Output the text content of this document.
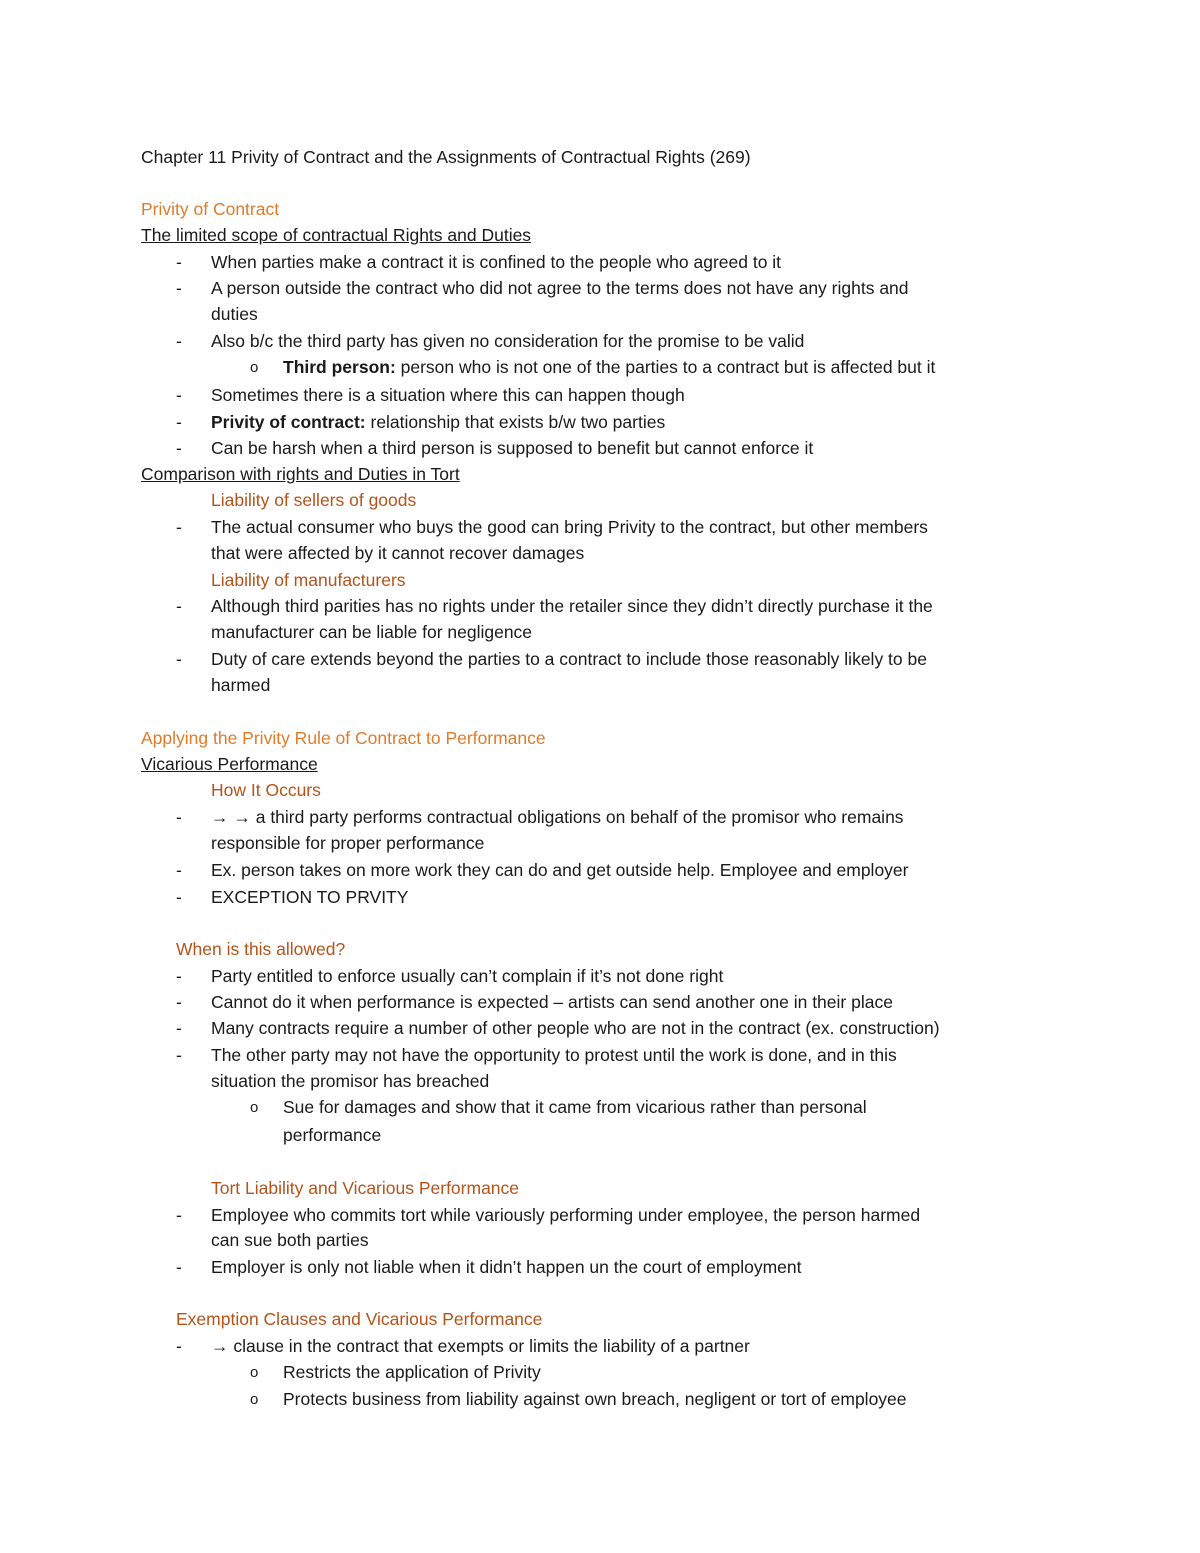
Chapter 11 Privity of Contract and the Assignments of Contractual Rights (269)
Privity of Contract
The limited scope of contractual Rights and Duties
- When parties make a contract it is confined to the people who agreed to it
- A person outside the contract who did not agree to the terms does not have any rights and
duties
- Also b/c the third party has given no consideration for the promise to be valid
o Third person: person who is not one of the parties to a contract but is affected but it
- Sometimes there is a situation where this can happen though
- Privity of contract: relationship that exists b/w two parties
- Can be harsh when a third person is supposed to benefit but cannot enforce it
Comparison with rights and Duties in Tort
Liability of sellers of goods
- The actual consumer who buys the good can bring Privity to the contract, but other members
that were affected by it cannot recover damages
Liability of manufacturers
- Although third parities has no rights under the retailer since they didn’t directly purchase it the
manufacturer can be liable for negligence
- Duty of care extends beyond the parties to a contract to include those reasonably likely to be
harmed
Applying the Privity Rule of Contract to Performance
Vicarious Performance
How It Occurs
- → → a third party performs contractual obligations on behalf of the promisor who remains
responsible for proper performance
- Ex. person takes on more work they can do and get outside help. Employee and employer
- EXCEPTION TO PRVITY
When is this allowed?
- Party entitled to enforce usually can’t complain if it’s not done right
- Cannot do it when performance is expected – artists can send another one in their place
- Many contracts require a number of other people who are not in the contract (ex. construction)
- The other party may not have the opportunity to protest until the work is done, and in this
situation the promisor has breached
o Sue for damages and show that it came from vicarious rather than personal
performance
Tort Liability and Vicarious Performance
- Employee who commits tort while variously performing under employee, the person harmed
can sue both parties
- Employer is only not liable when it didn’t happen un the court of employment
Exemption Clauses and Vicarious Performance
- → clause in the contract that exempts or limits the liability of a partner
o Restricts the application of Privity
o Protects business from liability against own breach, negligent or tort of employee
